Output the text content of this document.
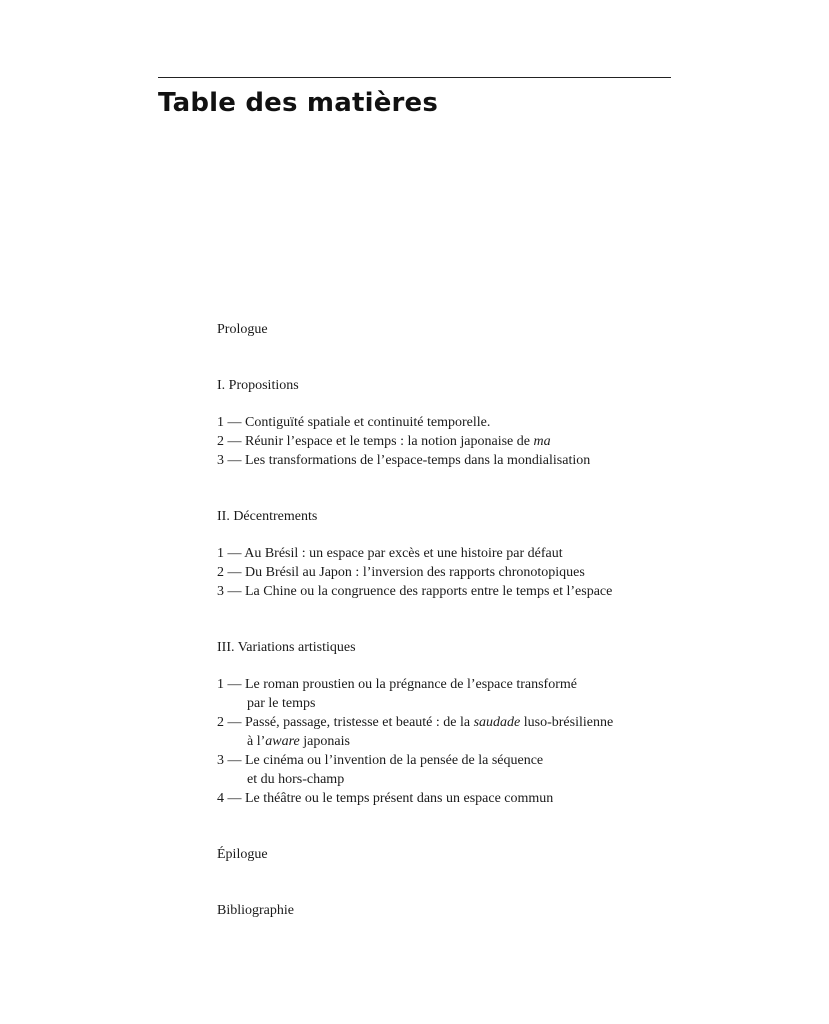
Table des matières
Prologue
I. Propositions
1 — Contiguïté spatiale et continuité temporelle.
2 — Réunir l’espace et le temps : la notion japonaise de ma
3 — Les transformations de l’espace-temps dans la mondialisation
II. Décentrements
1 — Au Brésil : un espace par excès et une histoire par défaut
2 — Du Brésil au Japon : l’inversion des rapports chronotopiques
3 — La Chine ou la congruence des rapports entre le temps et l’espace
III. Variations artistiques
1 — Le roman proustien ou la prégnance de l’espace transformé
par le temps
2 — Passé, passage, tristesse et beauté : de la saudade luso-brésilienne
à l’aware japonais
3 — Le cinéma ou l’invention de la pensée de la séquence
et du hors-champ
4 — Le théâtre ou le temps présent dans un espace commun
Épilogue
Bibliographie
